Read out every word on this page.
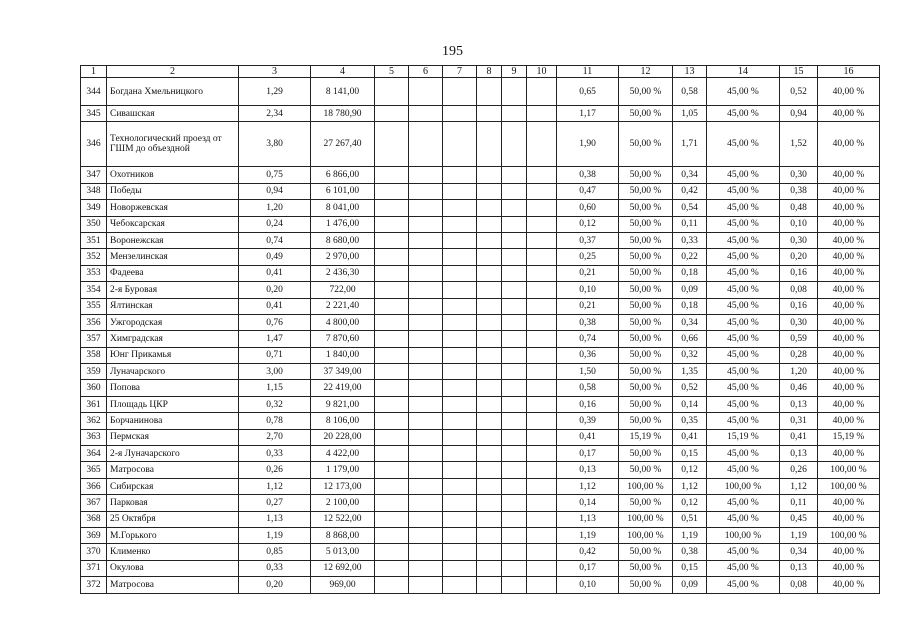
195
1	2	3	4	5	6	7	8	9	10	11	12	13	14	15	16
344	Богдана Хмельницкого	1,29	8 141,00							0,65	50,00 %	0,58	45,00 %	0,52	40,00 %
345	Сивашская	2,34	18 780,90							1,17	50,00 %	1,05	45,00 %	0,94	40,00 %
346	Технологический проезд от ГШМ до объездной	3,80	27 267,40							1,90	50,00 %	1,71	45,00 %	1,52	40,00 %
347	Охотников	0,75	6 866,00							0,38	50,00 %	0,34	45,00 %	0,30	40,00 %
348	Победы	0,94	6 101,00							0,47	50,00 %	0,42	45,00 %	0,38	40,00 %
349	Новоржевская	1,20	8 041,00							0,60	50,00 %	0,54	45,00 %	0,48	40,00 %
350	Чебоксарская	0,24	1 476,00							0,12	50,00 %	0,11	45,00 %	0,10	40,00 %
351	Воронежская	0,74	8 680,00							0,37	50,00 %	0,33	45,00 %	0,30	40,00 %
352	Мензелинская	0,49	2 970,00							0,25	50,00 %	0,22	45,00 %	0,20	40,00 %
353	Фадеева	0,41	2 436,30							0,21	50,00 %	0,18	45,00 %	0,16	40,00 %
354	2-я Буровая	0,20	722,00							0,10	50,00 %	0,09	45,00 %	0,08	40,00 %
355	Ялтинская	0,41	2 221,40							0,21	50,00 %	0,18	45,00 %	0,16	40,00 %
356	Ужгородская	0,76	4 800,00							0,38	50,00 %	0,34	45,00 %	0,30	40,00 %
357	Химградская	1,47	7 870,60							0,74	50,00 %	0,66	45,00 %	0,59	40,00 %
358	Юнг Прикамья	0,71	1 840,00							0,36	50,00 %	0,32	45,00 %	0,28	40,00 %
359	Луначарского	3,00	37 349,00							1,50	50,00 %	1,35	45,00 %	1,20	40,00 %
360	Попова	1,15	22 419,00							0,58	50,00 %	0,52	45,00 %	0,46	40,00 %
361	Площадь ЦКР	0,32	9 821,00							0,16	50,00 %	0,14	45,00 %	0,13	40,00 %
362	Борчанинова	0,78	8 106,00							0,39	50,00 %	0,35	45,00 %	0,31	40,00 %
363	Пермская	2,70	20 228,00							0,41	15,19 %	0,41	15,19 %	0,41	15,19 %
364	2-я Луначарского	0,33	4 422,00							0,17	50,00 %	0,15	45,00 %	0,13	40,00 %
365	Матросова	0,26	1 179,00							0,13	50,00 %	0,12	45,00 %	0,26	100,00 %
366	Сибирская	1,12	12 173,00							1,12	100,00 %	1,12	100,00 %	1,12	100,00 %
367	Парковая	0,27	2 100,00							0,14	50,00 %	0,12	45,00 %	0,11	40,00 %
368	25 Октября	1,13	12 522,00							1,13	100,00 %	0,51	45,00 %	0,45	40,00 %
369	М.Горького	1,19	8 868,00							1,19	100,00 %	1,19	100,00 %	1,19	100,00 %
370	Клименко	0,85	5 013,00							0,42	50,00 %	0,38	45,00 %	0,34	40,00 %
371	Окулова	0,33	12 692,00							0,17	50,00 %	0,15	45,00 %	0,13	40,00 %
372	Матросова	0,20	969,00							0,10	50,00 %	0,09	45,00 %	0,08	40,00 %
